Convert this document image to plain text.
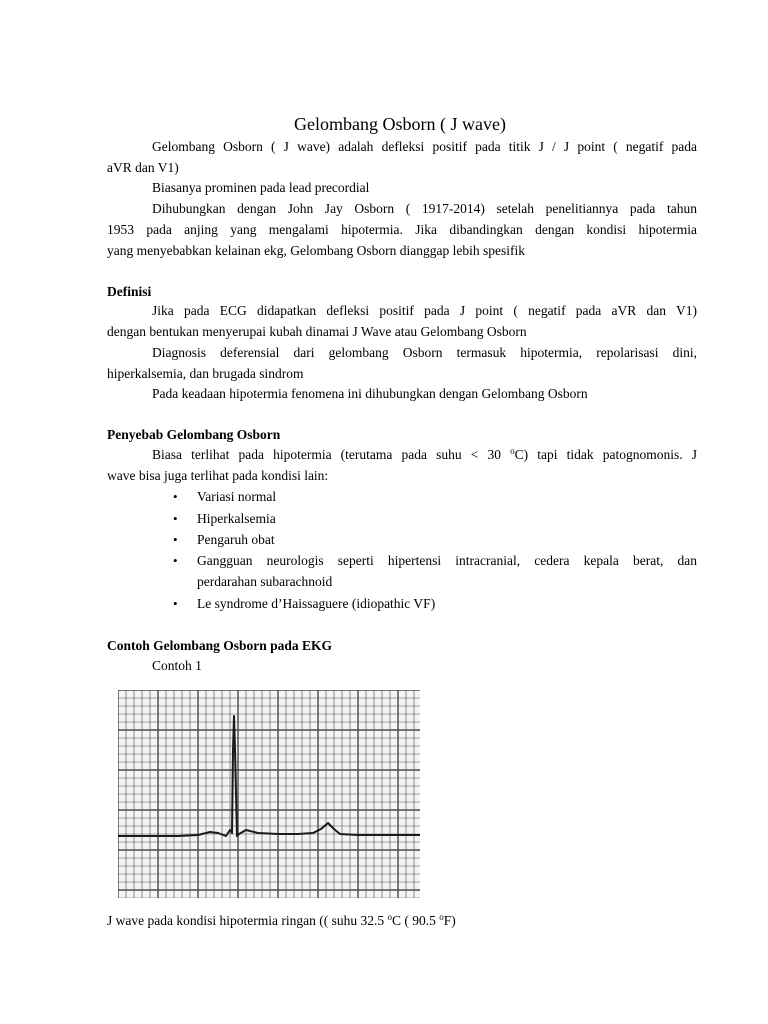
Gelombang Osborn ( J wave)
Gelombang Osborn ( J wave) adalah defleksi positif pada titik J / J point ( negatif pada
aVR dan V1)
Biasanya prominen pada lead precordial
Dihubungkan dengan John Jay Osborn ( 1917-2014) setelah penelitiannya pada tahun
1953 pada anjing yang mengalami hipotermia. Jika dibandingkan dengan kondisi hipotermia
yang menyebabkan kelainan ekg, Gelombang Osborn dianggap lebih spesifik
Definisi
Jika pada ECG didapatkan defleksi positif pada J point ( negatif pada aVR dan V1)
dengan bentukan menyerupai kubah dinamai J Wave atau Gelombang Osborn
Diagnosis deferensial dari gelombang Osborn termasuk hipotermia, repolarisasi dini,
hiperkalsemia, dan brugada sindrom
Pada keadaan hipotermia fenomena ini dihubungkan dengan Gelombang Osborn
Penyebab Gelombang Osborn
Biasa terlihat pada hipotermia (terutama pada suhu < 30 $^o$C) tapi tidak patognomonis. J
wave bisa juga terlihat pada kondisi lain:
• Variasi normal
• Hiperkalsemia
• Pengaruh obat
• Gangguan neurologis seperti hipertensi intracranial, cedera kepala berat, dan
perdarahan subarachnoid
• Le syndrome d’Haissaguere (idiopathic VF)
Contoh Gelombang Osborn pada EKG
Contoh 1
J wave pada kondisi hipotermia ringan (( suhu 32.5 $^o$C ( 90.5 $^o$F)
